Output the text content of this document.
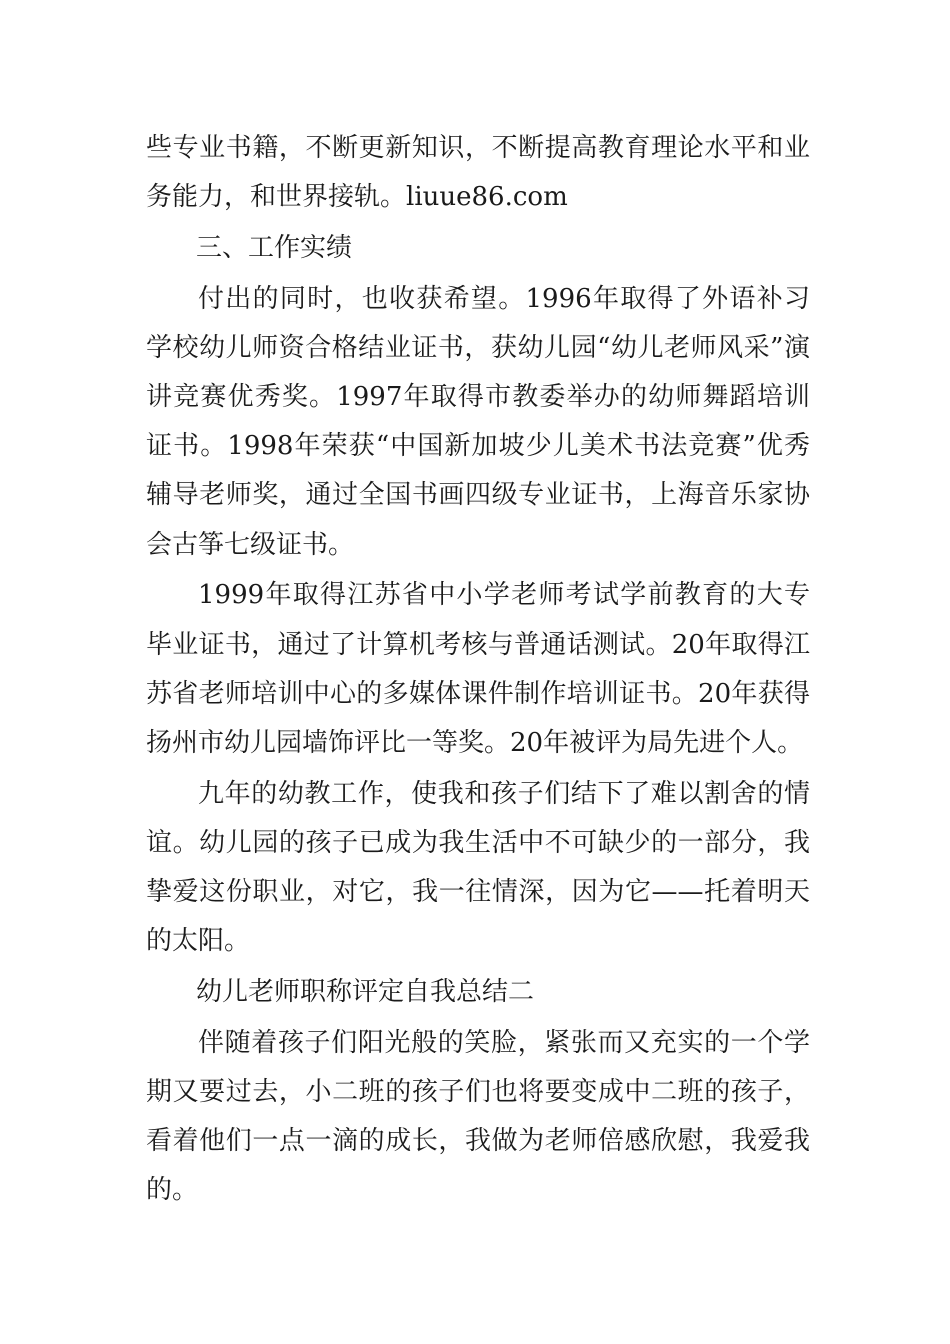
些专业书籍，不断更新知识，不断提高教育理论水平和业务能力，和世界接轨。liuue86.com

三、工作实绩

付出的同时，也收获希望。1996年取得了外语补习学校幼儿师资合格结业证书，获幼儿园“幼儿老师风采”演讲竞赛优秀奖。1997年取得市教委举办的幼师舞蹈培训证书。1998年荣获“中国新加坡少儿美术书法竞赛”优秀辅导老师奖，通过全国书画四级专业证书，上海音乐家协会古筝七级证书。

1999年取得江苏省中小学老师考试学前教育的大专毕业证书，通过了计算机考核与普通话测试。20年取得江苏省老师培训中心的多媒体课件制作培训证书。20年获得扬州市幼儿园墙饰评比一等奖。20年被评为局先进个人。

九年的幼教工作，使我和孩子们结下了难以割舍的情谊。幼儿园的孩子已成为我生活中不可缺少的一部分，我挚爱这份职业，对它，我一往情深，因为它——托着明天的太阳。

幼儿老师职称评定自我总结二

伴随着孩子们阳光般的笑脸，紧张而又充实的一个学期又要过去，小二班的孩子们也将要变成中二班的孩子，看着他们一点一滴的成长，我做为老师倍感欣慰，我爱我的。
